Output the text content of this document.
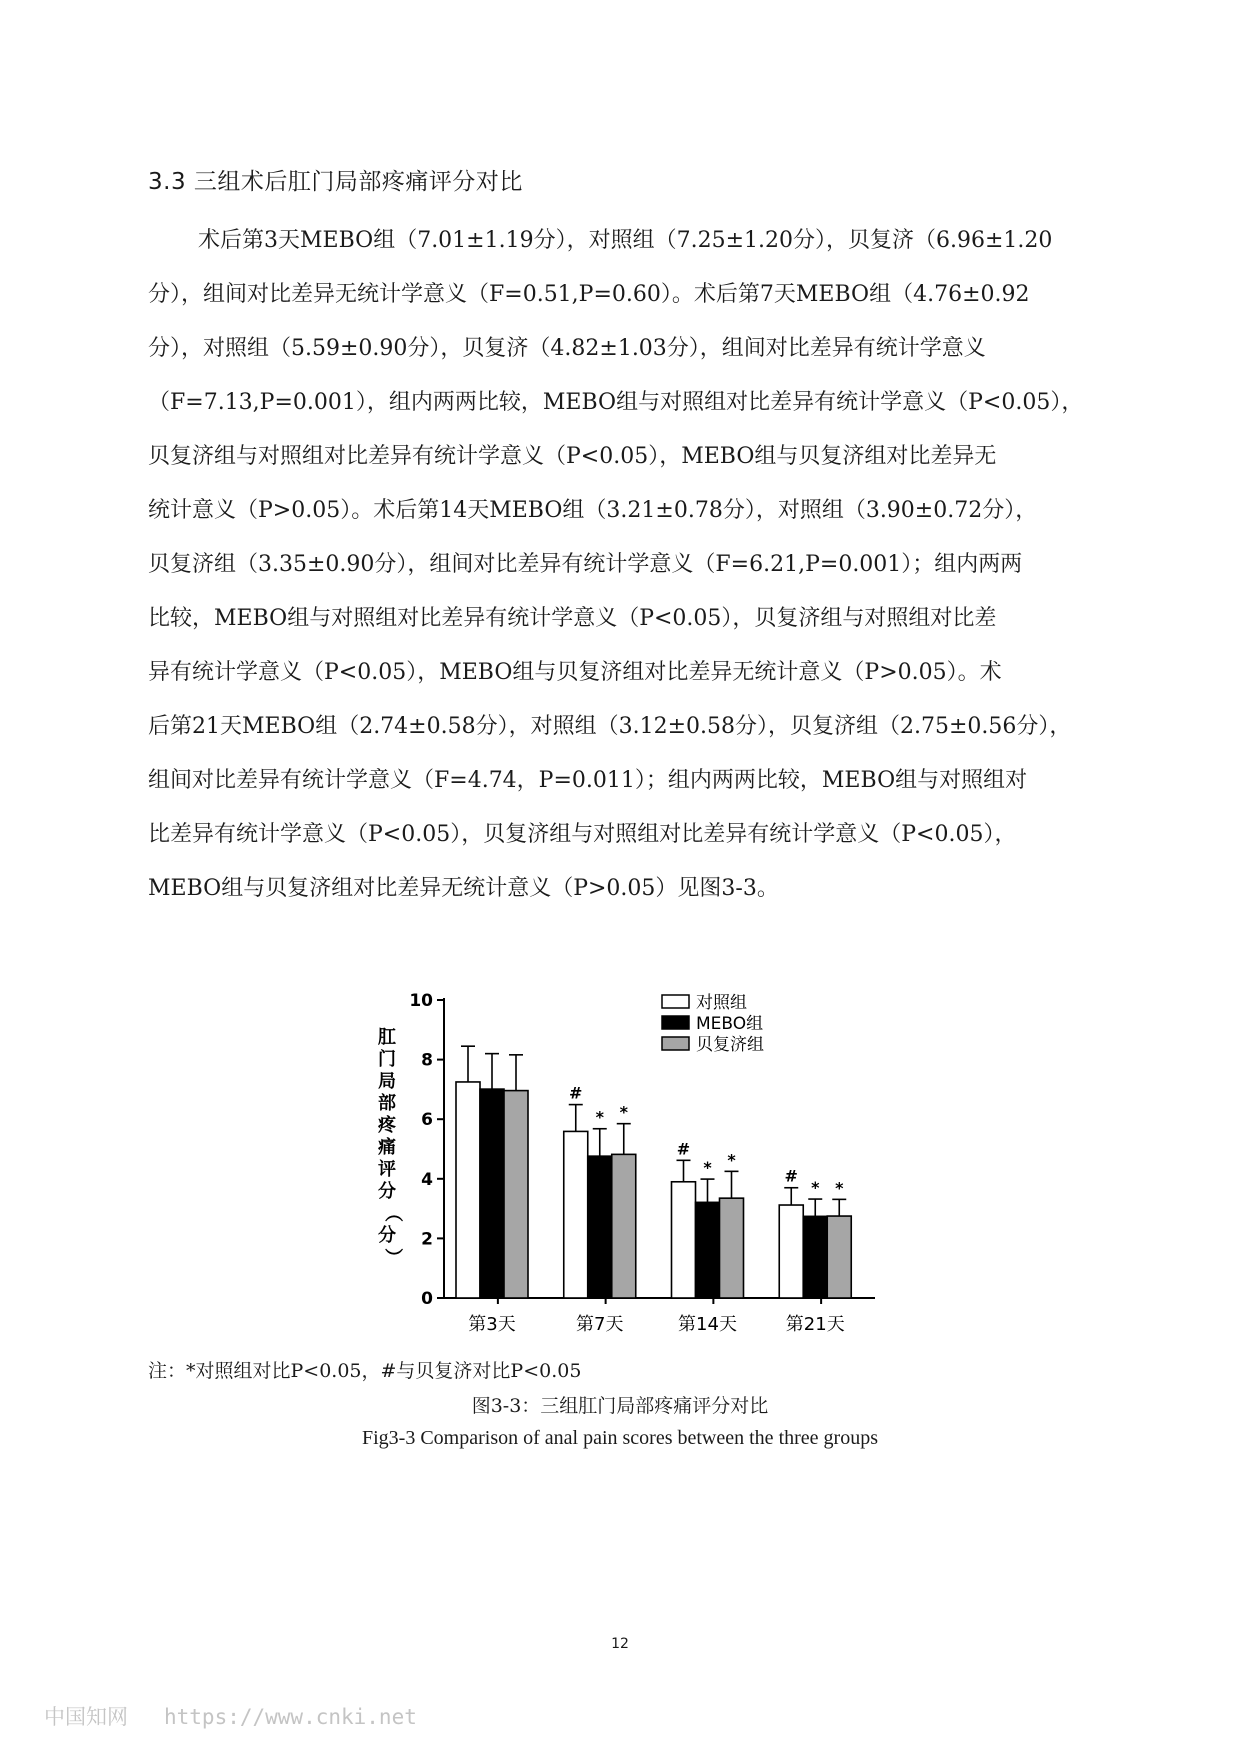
3.3 三组术后肛门局部疼痛评分对比
术后第3天MEBO组（7.01±1.19分），对照组（7.25±1.20分），贝复济（6.96±1.20
分），组间对比差异无统计学意义（F=0.51,P=0.60）。术后第7天MEBO组（4.76±0.92
分），对照组（5.59±0.90分），贝复济（4.82±1.03分），组间对比差异有统计学意义
（F=7.13,P=0.001），组内两两比较，MEBO组与对照组对比差异有统计学意义（P<0.05），
贝复济组与对照组对比差异有统计学意义（P<0.05），MEBO组与贝复济组对比差异无
统计意义（P>0.05）。术后第14天MEBO组（3.21±0.78分），对照组（3.90±0.72分），
贝复济组（3.35±0.90分），组间对比差异有统计学意义（F=6.21,P=0.001）；组内两两
比较，MEBO组与对照组对比差异有统计学意义（P<0.05），贝复济组与对照组对比差
异有统计学意义（P<0.05），MEBO组与贝复济组对比差异无统计意义（P>0.05）。术
后第21天MEBO组（2.74±0.58分），对照组（3.12±0.58分），贝复济组（2.75±0.56分），
组间对比差异有统计学意义（F=4.74，P=0.011）；组内两两比较，MEBO组与对照组对
比差异有统计学意义（P<0.05），贝复济组与对照组对比差异有统计学意义（P<0.05），
MEBO组与贝复济组对比差异无统计意义（P>0.05）见图3-3。
0
2
4
6
8
10
肛
门
局
部
疼
痛
评
分
（
分
）
第3天
#
* *
第7天
#
* *
第14天
#
* *
第21天
对照组
MEBO组
贝复济组
注：*对照组对比P<0.05，#与贝复济对比P<0.05
图3-3：三组肛门局部疼痛评分对比
Fig3-3 Comparison of anal pain scores between the three groups
12
中国知网 https://www.cnki.net
